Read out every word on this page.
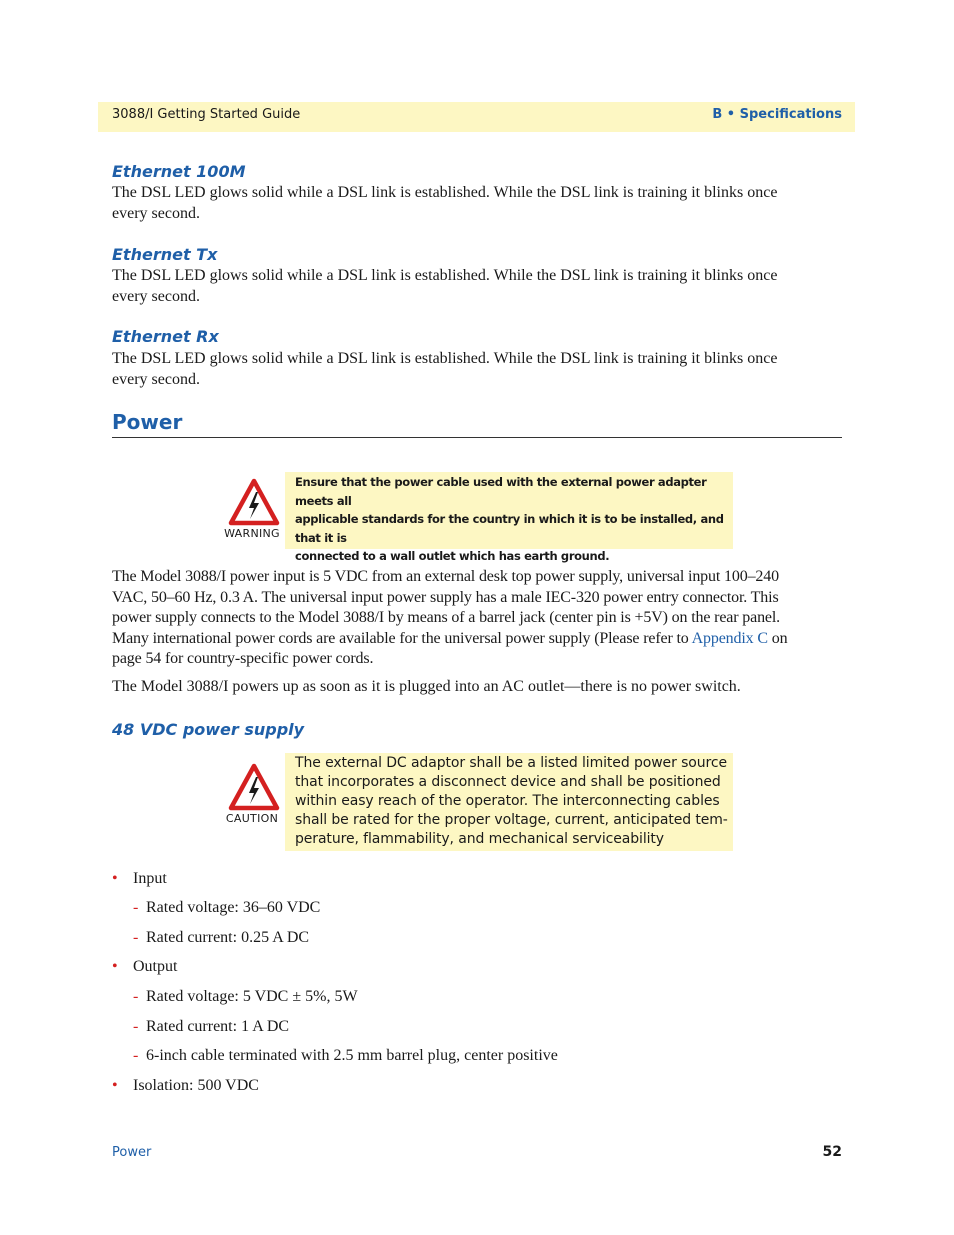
3088/I Getting Started Guide	B • Specifications
Ethernet 100M
The DSL LED glows solid while a DSL link is established. While the DSL link is training it blinks once
every second.
Ethernet Tx
The DSL LED glows solid while a DSL link is established. While the DSL link is training it blinks once
every second.
Ethernet Rx
The DSL LED glows solid while a DSL link is established. While the DSL link is training it blinks once
every second.
Power
WARNING
Ensure that the power cable used with the external power adapter meets all
applicable standards for the country in which it is to be installed, and that it is
connected to a wall outlet which has earth ground.
The Model 3088/I power input is 5 VDC from an external desk top power supply, universal input 100–240
VAC, 50–60 Hz, 0.3 A. The universal input power supply has a male IEC-320 power entry connector. This
power supply connects to the Model 3088/I by means of a barrel jack (center pin is +5V) on the rear panel.
Many international power cords are available for the universal power supply (Please refer to Appendix C on
page 54 for country-specific power cords.
The Model 3088/I powers up as soon as it is plugged into an AC outlet—there is no power switch.
48 VDC power supply
CAUTION
The external DC adaptor shall be a listed limited power source
that incorporates a disconnect device and shall be positioned
within easy reach of the operator. The interconnecting cables
shall be rated for the proper voltage, current, anticipated tem-
perature, flammability, and mechanical serviceability
• Input
- Rated voltage: 36–60 VDC
- Rated current: 0.25 A DC
• Output
- Rated voltage: 5 VDC ± 5%, 5W
- Rated current: 1 A DC
- 6-inch cable terminated with 2.5 mm barrel plug, center positive
• Isolation: 500 VDC
Power	52
